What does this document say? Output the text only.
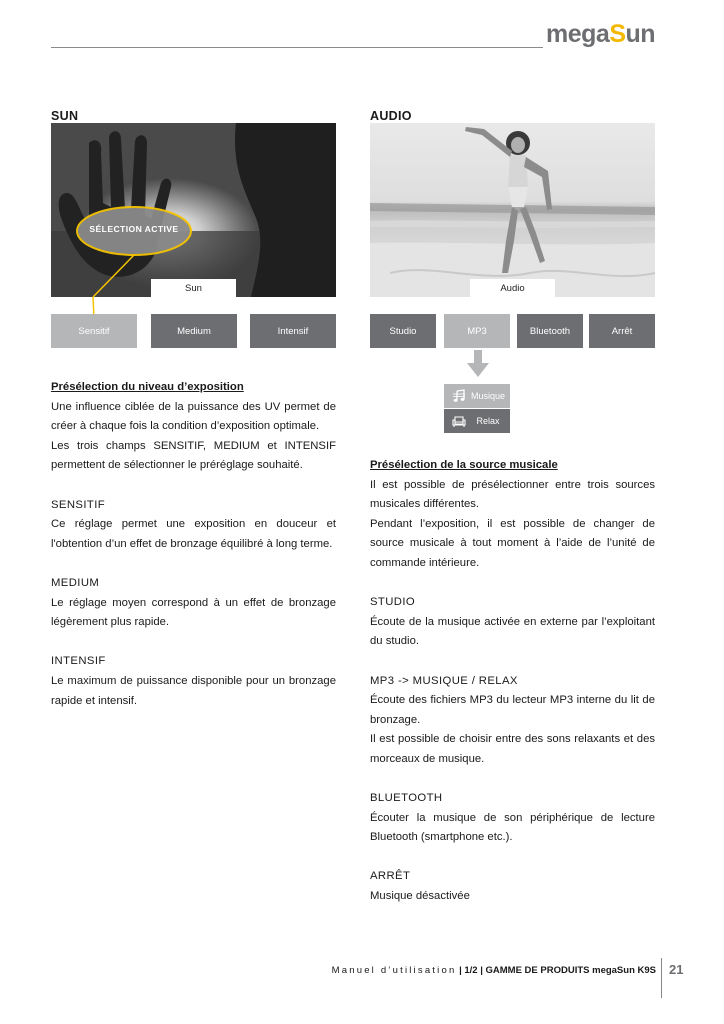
megaSun
SUN
SÉLECTION ACTIVE
Sun
Sensitif	Medium	Intensif
AUDIO
Audio
Studio	MP3	Bluetooth	Arrêt
Musique
Relax

Présélection du niveau d’exposition

Une influence ciblée de la puissance des UV permet de créer à chaque fois la condition d’exposition optimale.

Les trois champs SENSITIF, MEDIUM et INTENSIF permettent de sélectionner le préréglage souhaité.

SENSITIF

Ce réglage permet une exposition en douceur et l'obtention d’un effet de bronzage équilibré à long terme.

MEDIUM

Le réglage moyen correspond à un effet de bronzage légèrement plus rapide.

INTENSIF

Le maximum de puissance disponible pour un bronzage rapide et intensif.

Présélection de la source musicale

Il est possible de présélectionner entre trois sources musicales différentes.

Pendant l’exposition, il est possible de changer de source musicale à tout moment à l’aide de l’unité de commande intérieure.

STUDIO

Écoute de la musique activée en externe par l’exploitant du studio.

MP3 -> MUSIQUE / RELAX

Écoute des fichiers MP3 du lecteur MP3 interne du lit de bronzage.

Il est possible de choisir entre des sons relaxants et des morceaux de musique.

BLUETOOTH

Écouter la musique de son périphérique de lecture Bluetooth (smartphone etc.).

ARRÊT

Musique désactivée

Manuel d’utilisation | 1/2 | GAMME DE PRODUITS megaSun K9S 21
